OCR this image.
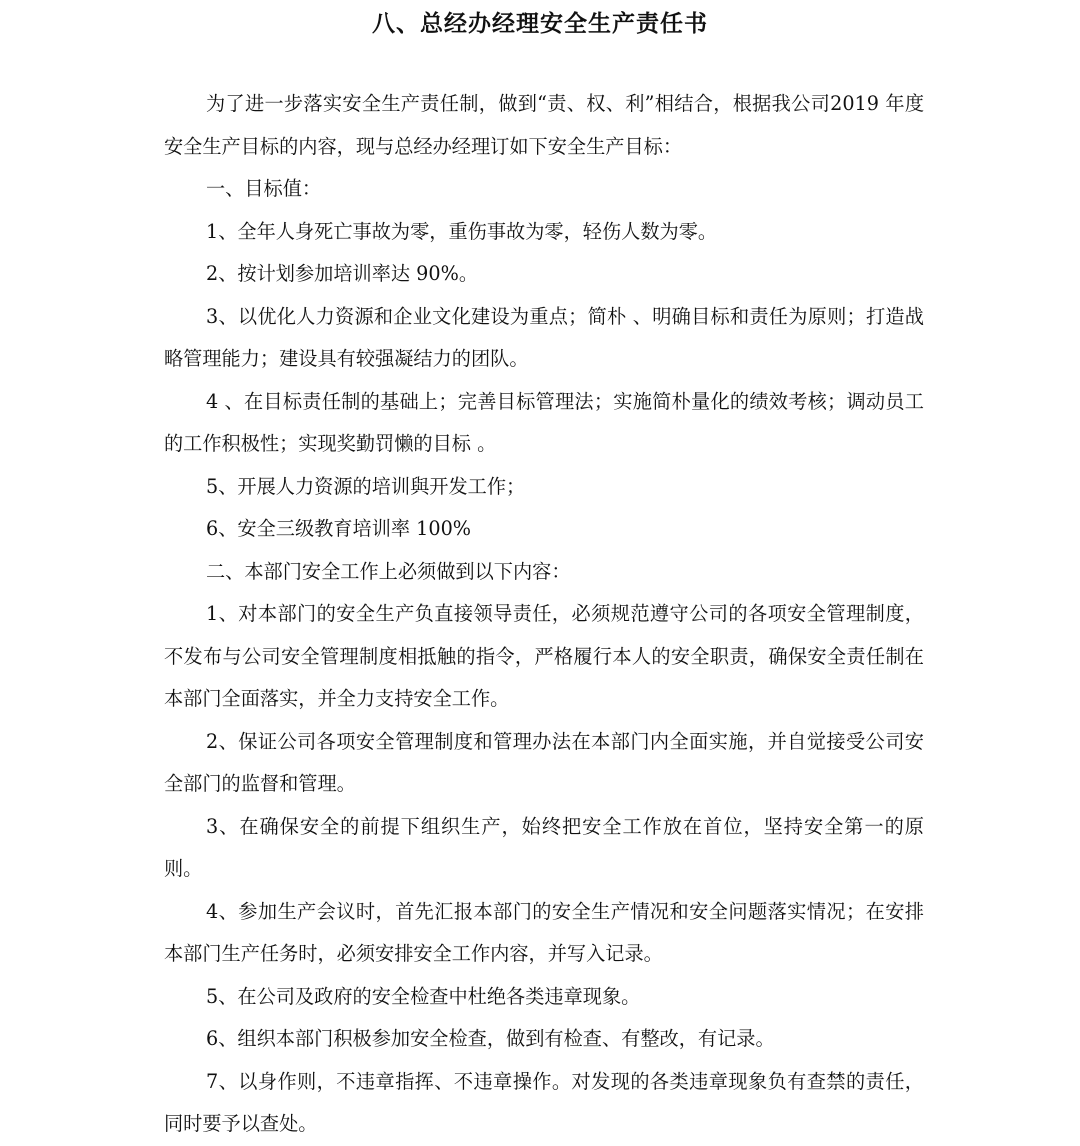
八、总经办经理安全生产责任书

为了进一步落实安全生产责任制，做到“责、权、利”相结合，根据我公司2019 年度安全生产目标的内容，现与总经办经理订如下安全生产目标：

一、目标值：

1、全年人身死亡事故为零，重伤事故为零，轻伤人数为零。

2、按计划参加培训率达 90%。

3、以优化人力资源和企业文化建设为重点；简朴 、明确目标和责任为原则；打造战略管理能力；建设具有较强凝结力的团队。

4 、在目标责任制的基础上；完善目标管理法；实施简朴量化的绩效考核；调动员工的工作积极性；实现奖勤罚懒的目标 。

5、开展人力资源的培训與开发工作；

6、安全三级教育培训率 100%

二、本部门安全工作上必须做到以下内容：

1、对本部门的安全生产负直接领导责任，必须规范遵守公司的各项安全管理制度，不发布与公司安全管理制度相抵触的指令，严格履行本人的安全职责，确保安全责任制在本部门全面落实，并全力支持安全工作。

2、保证公司各项安全管理制度和管理办法在本部门内全面实施，并自觉接受公司安全部门的监督和管理。

3、在确保安全的前提下组织生产，始终把安全工作放在首位，坚持安全第一的原则。

4、参加生产会议时，首先汇报本部门的安全生产情况和安全问题落实情况；在安排本部门生产任务时，必须安排安全工作内容，并写入记录。

5、在公司及政府的安全检查中杜绝各类违章现象。

6、组织本部门积极参加安全检查，做到有检查、有整改，有记录。

7、以身作则，不违章指挥、不违章操作。对发现的各类违章现象负有查禁的责任，同时要予以查处。
